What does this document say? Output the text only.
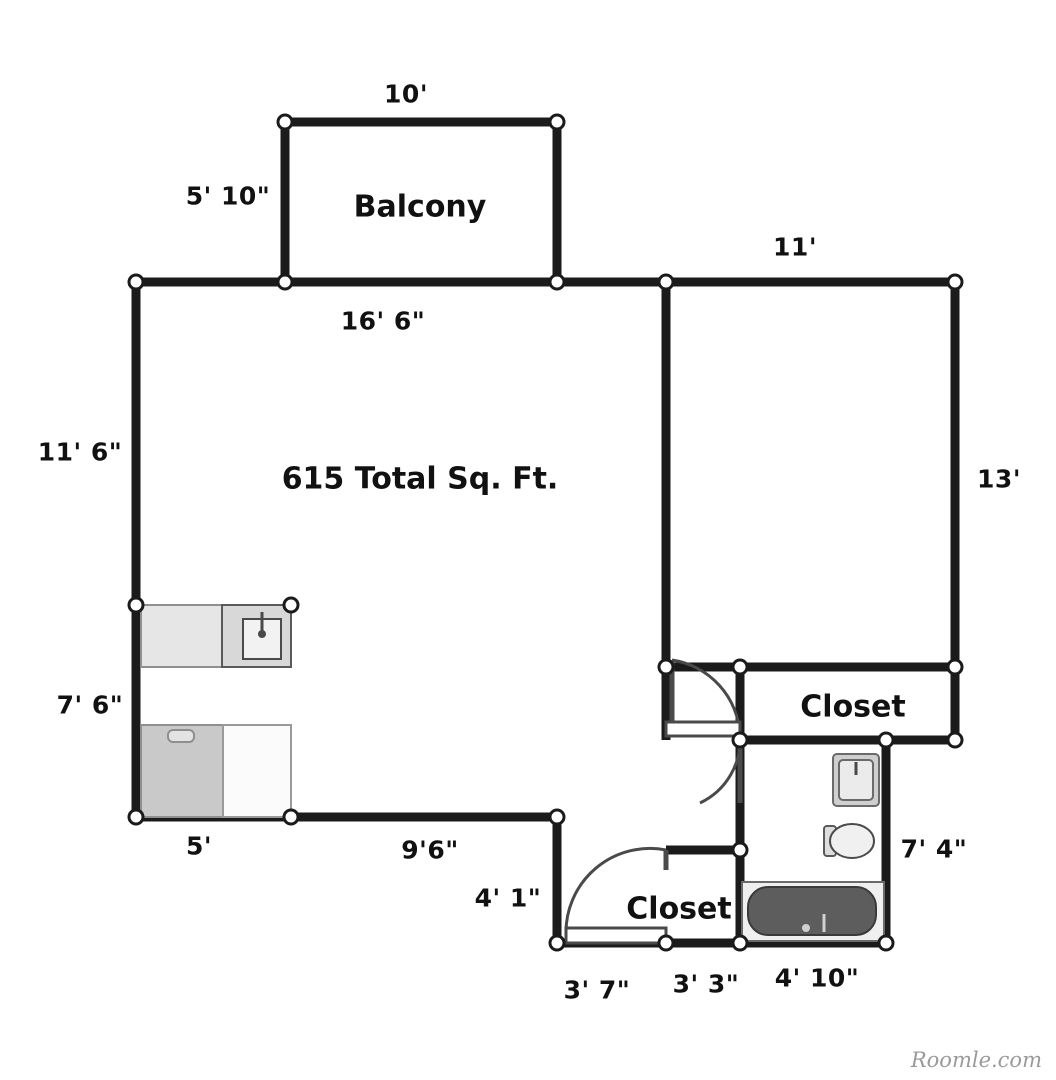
615 Total Sq. Ft.
Balcony
Closet
Closet
10'
5' 10"
16' 6"
11'
11' 6"
13'
7' 6"
5'	9'6"
4' 1"
3' 7" 3' 3" 4' 10"
7' 4"
Roomle.com
